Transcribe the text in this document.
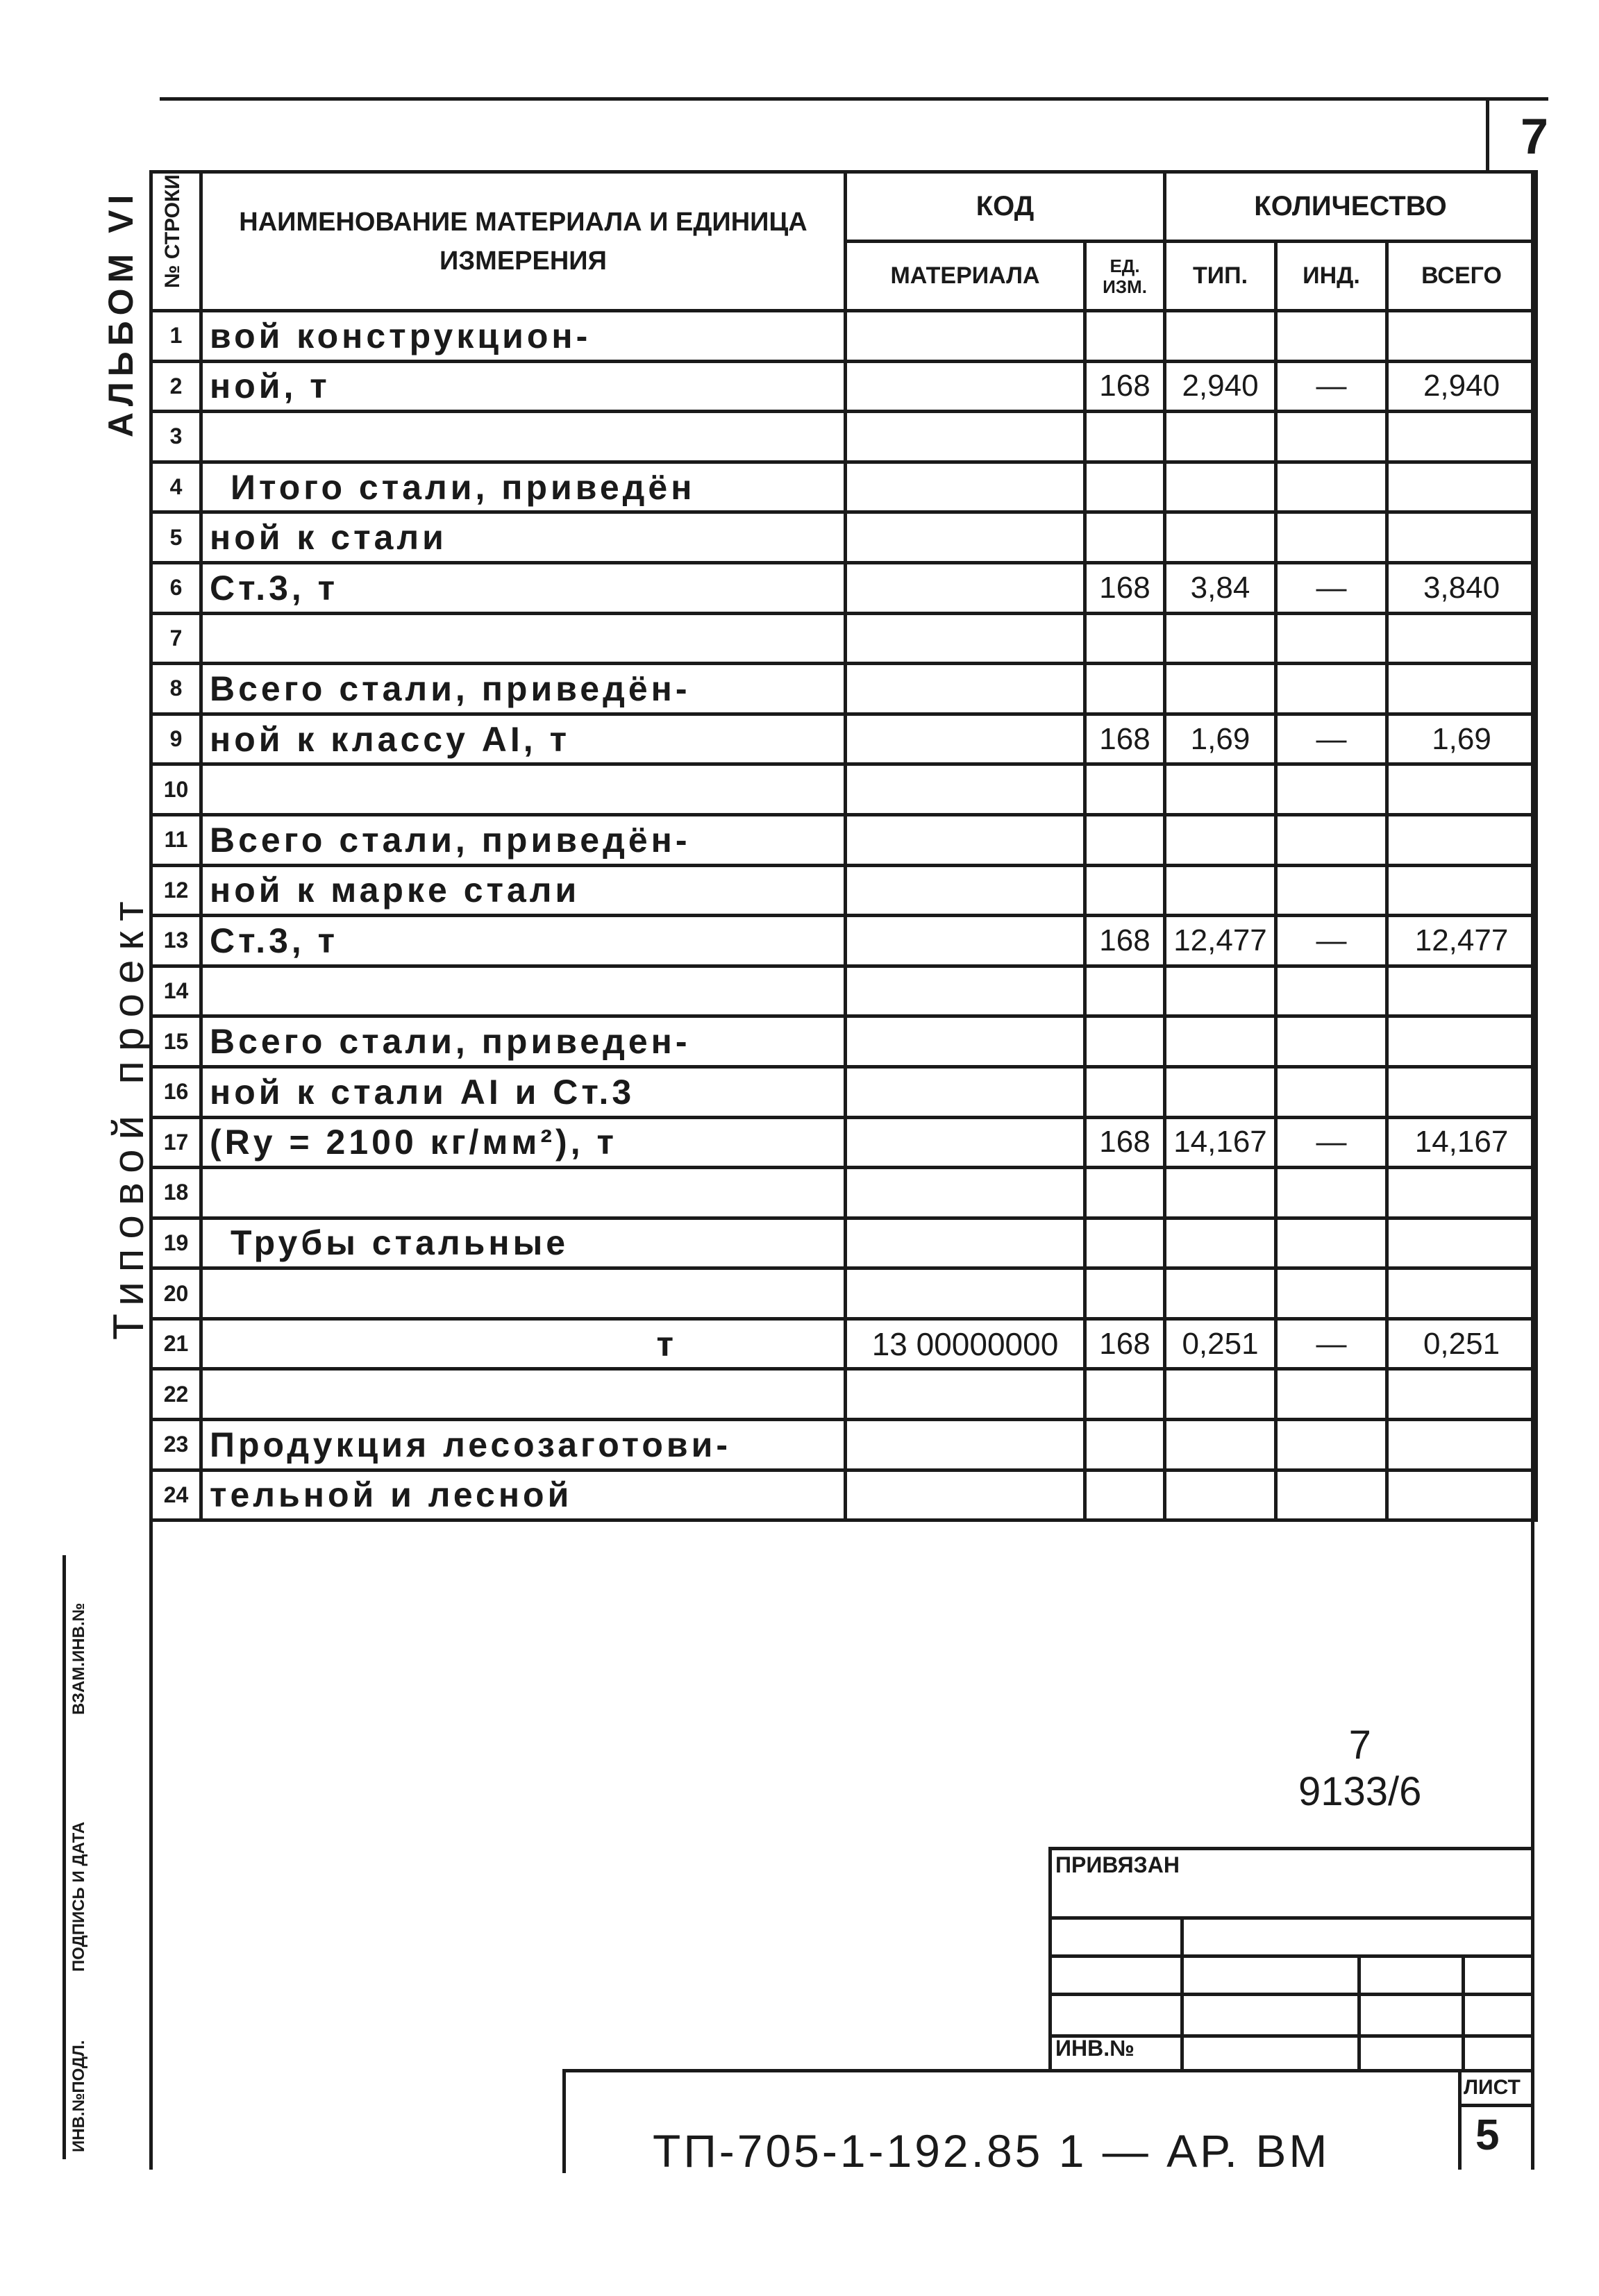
7
АЛЬБОМ VI
Типовой проект
ИНВ.№ПОДЛ.
ПОДПИСЬ И ДАТА
ВЗАМ.ИНВ.№
	НАИМЕНОВАНИЕ МАТЕРИАЛА И ЕДИНИЦА ИЗМЕРЕНИЯ	КОД		КОЛИЧЕСТВО		
		МАТЕРИАЛА	ЕД. ИЗМ.	ТИП.	ИНД.	ВСЕГО
1	вой конструкцион-					
2	ной, т		168	2,940	—	2,940
3						
4	Итого стали, приведён					
5	ной к стали					
6	Ст.3, т		168	3,84	—	3,840
7						
8	Всего стали, приведён-					
9	ной к классу АI, т		168	1,69	—	1,69
10						
11	Всего стали, приведён-					
12	ной к марке стали					
13	Ст.3, т		168	12,477	—	12,477
14						
15	Всего стали, приведен-					
16	ной к стали АI и Ст.3					
17	(Ry = 2100 кг/мм²), т		168	14,167	—	14,167
18						
19	Трубы стальные					
20						
21	т	13 00000000	168	0,251	—	0,251
22						
23	Продукция лесозаготови-					
24	тельной и лесной					
№ СТРОКИ
7
9133/6
ПРИВЯЗАН
ИНВ.№
ТП-705-1-192.85 1 — АР. ВМ
ЛИСТ
5
